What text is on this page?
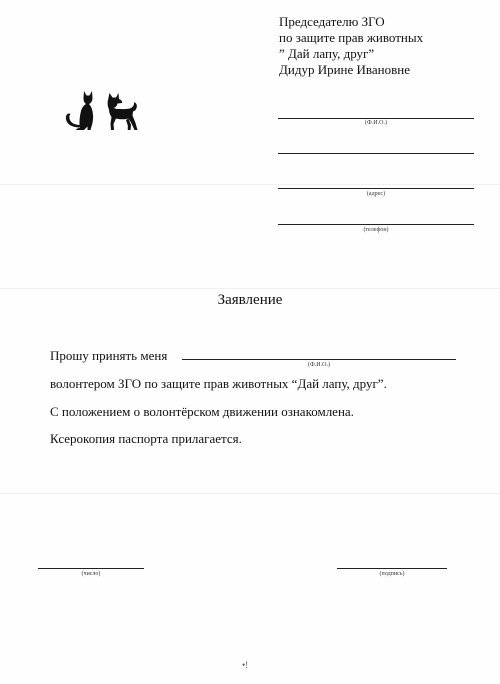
Председателю ЗГО
по защите прав животных
” Дай лапу, друг”
Дидур Ирине Ивановне
(Ф.И.О.)
(адрес)
(телефон)
Заявление
Прошу принять меня
(Ф.И.О.)
волонтером ЗГО по защите прав животных “Дай лапу, друг”.
С положением о волонтёрском движении ознакомлена.
Ксерокопия паспорта прилагается.
(число)	(подпись)
•!
